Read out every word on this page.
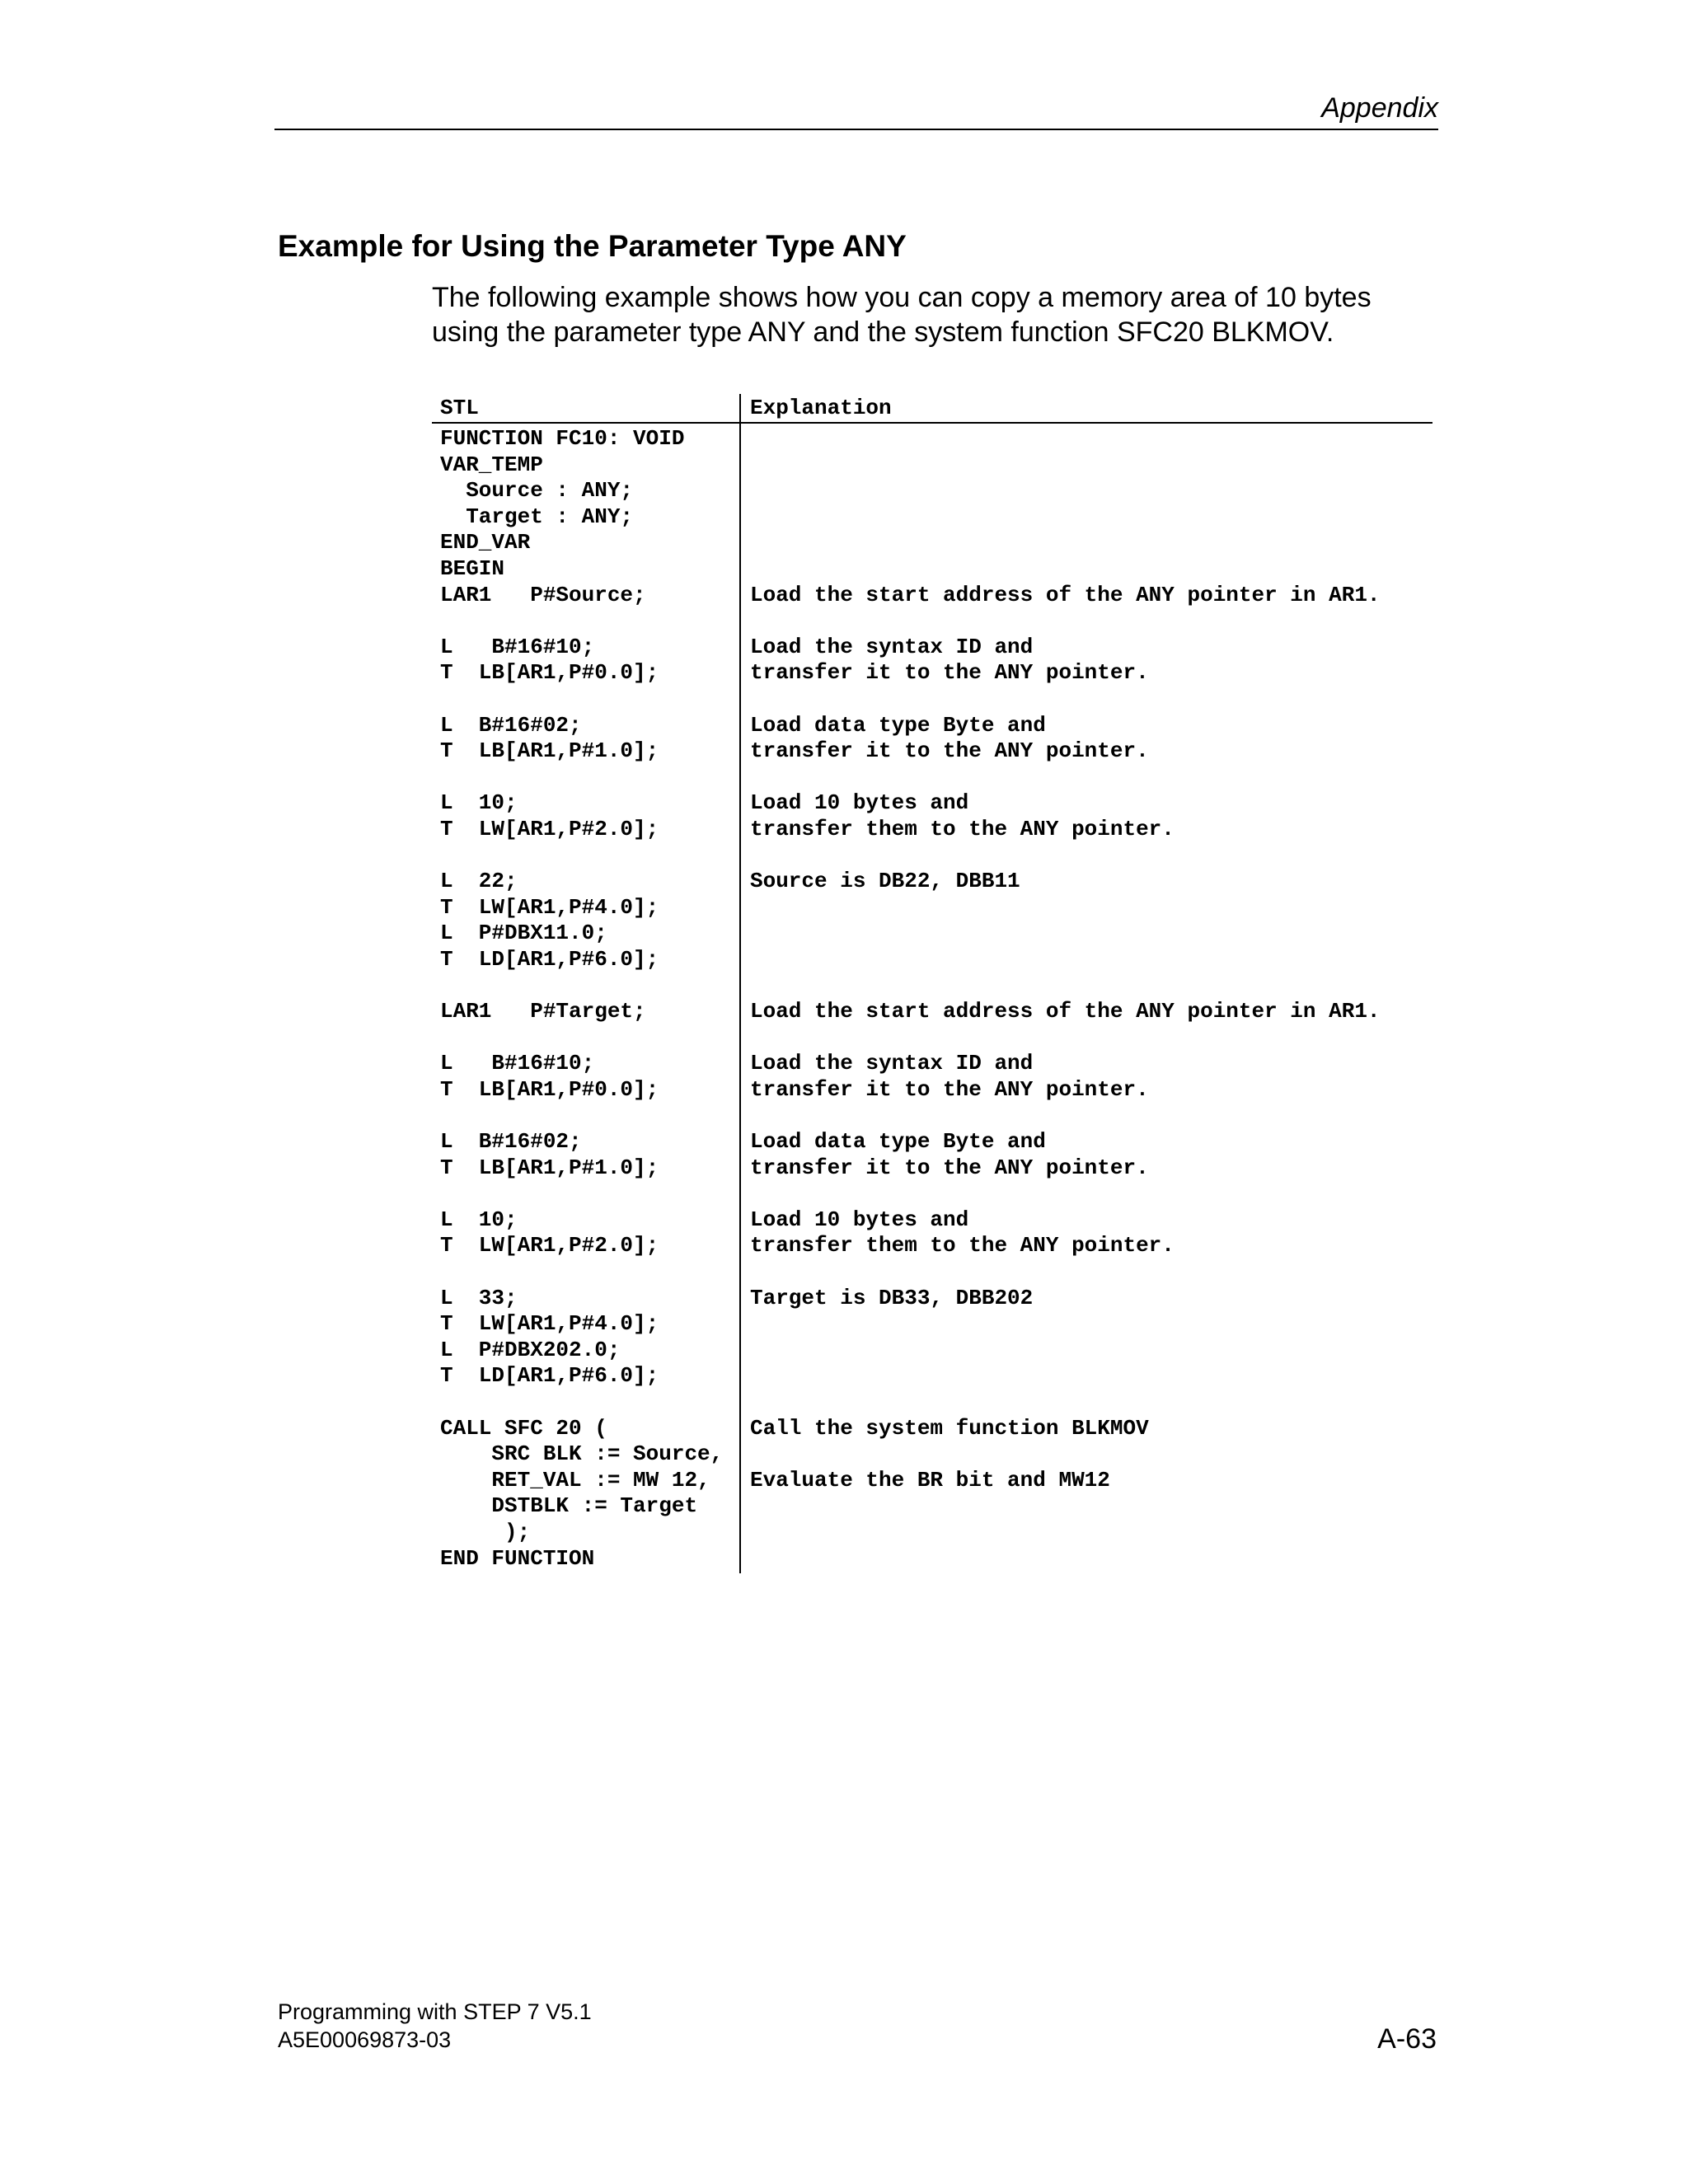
Appendix
Example for Using the Parameter Type ANY

The following example shows how you can copy a memory area of 10 bytes using the parameter type ANY and the system function SFC20 BLKMOV.

STL	Explanation
FUNCTION FC10: VOID
VAR_TEMP
Source : ANY;
Target : ANY;
END_VAR
BEGIN
LAR1   P#Source;
L   B#16#10;
T  LB[AR1,P#0.0];
L  B#16#02;
T  LB[AR1,P#1.0];
L  10;
T  LW[AR1,P#2.0];
L  22;
T  LW[AR1,P#4.0];
L  P#DBX11.0;
T  LD[AR1,P#6.0];
LAR1   P#Target;
L   B#16#10;
T  LB[AR1,P#0.0];
L  B#16#02;
T  LB[AR1,P#1.0];
L  10;
T  LW[AR1,P#2.0];
L  33;
T  LW[AR1,P#4.0];
L  P#DBX202.0;
T  LD[AR1,P#6.0];
CALL SFC 20 (
SRC BLK := Source,
RET_VAL := MW 12,
DSTBLK := Target
);
END FUNCTION
Load the start address of the ANY pointer in AR1.
Load the syntax ID and
transfer it to the ANY pointer.
Load data type Byte and
transfer it to the ANY pointer.
Load 10 bytes and
transfer them to the ANY pointer.
Source is DB22, DBB11
Load the start address of the ANY pointer in AR1.
Load the syntax ID and
transfer it to the ANY pointer.
Load data type Byte and
transfer it to the ANY pointer.
Load 10 bytes and
transfer them to the ANY pointer.
Target is DB33, DBB202
Call the system function BLKMOV
Evaluate the BR bit and MW12
Programming with STEP 7 V5.1
A5E00069873-03	A-63
